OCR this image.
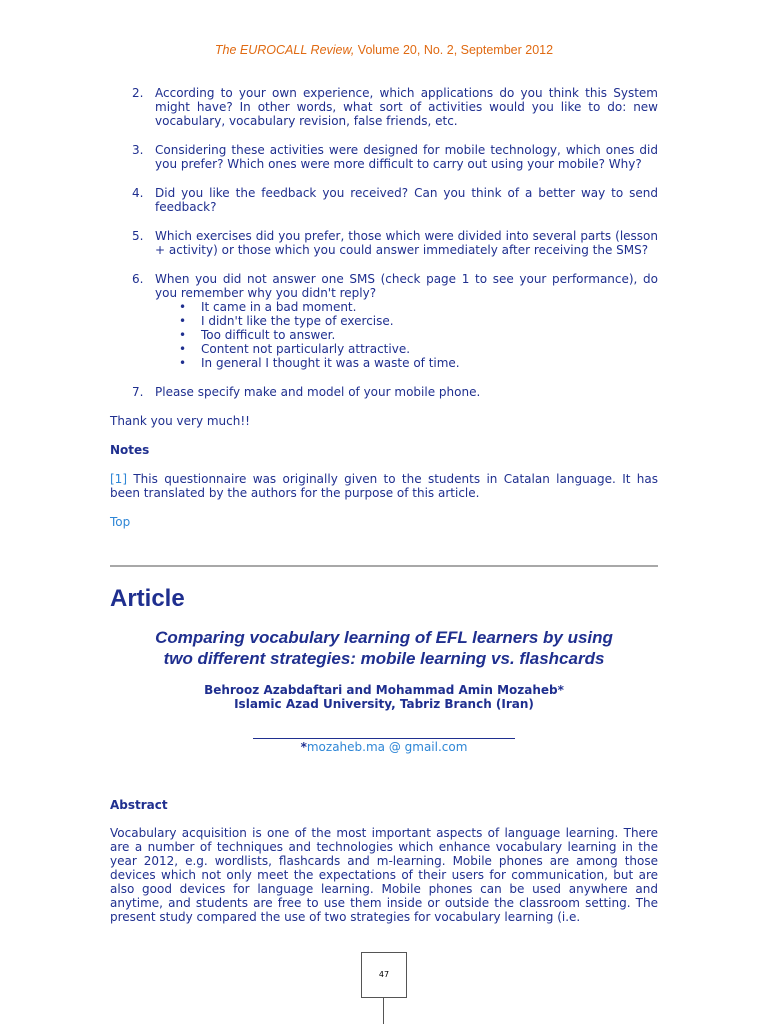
The EUROCALL Review, Volume 20, No. 2, September 2012
2. According to your own experience, which applications do you think this System might have? In other words, what sort of activities would you like to do: new vocabulary, vocabulary revision, false friends, etc.
3. Considering these activities were designed for mobile technology, which ones did you prefer? Which ones were more difficult to carry out using your mobile? Why?
4. Did you like the feedback you received? Can you think of a better way to send feedback?
5. Which exercises did you prefer, those which were divided into several parts (lesson + activity) or those which you could answer immediately after receiving the SMS?
6. When you did not answer one SMS (check page 1 to see your performance), do you remember why you didn't reply?
• It came in a bad moment.
• I didn't like the type of exercise.
• Too difficult to answer.
• Content not particularly attractive.
• In general I thought it was a waste of time.
7. Please specify make and model of your mobile phone.
Thank you very much!!
Notes
[1] This questionnaire was originally given to the students in Catalan language. It has been translated by the authors for the purpose of this article.
Top
Article
Comparing vocabulary learning of EFL learners by using
two different strategies: mobile learning vs. flashcards
Behrooz Azabdaftari and Mohammad Amin Mozaheb*
Islamic Azad University, Tabriz Branch (Iran)
*mozaheb.ma @ gmail.com
Abstract
Vocabulary acquisition is one of the most important aspects of language learning. There are a number of techniques and technologies which enhance vocabulary learning in the year 2012, e.g. wordlists, flashcards and m-learning. Mobile phones are among those devices which not only meet the expectations of their users for communication, but are also good devices for language learning. Mobile phones can be used anywhere and anytime, and students are free to use them inside or outside the classroom setting. The present study compared the use of two strategies for vocabulary learning (i.e.
47
